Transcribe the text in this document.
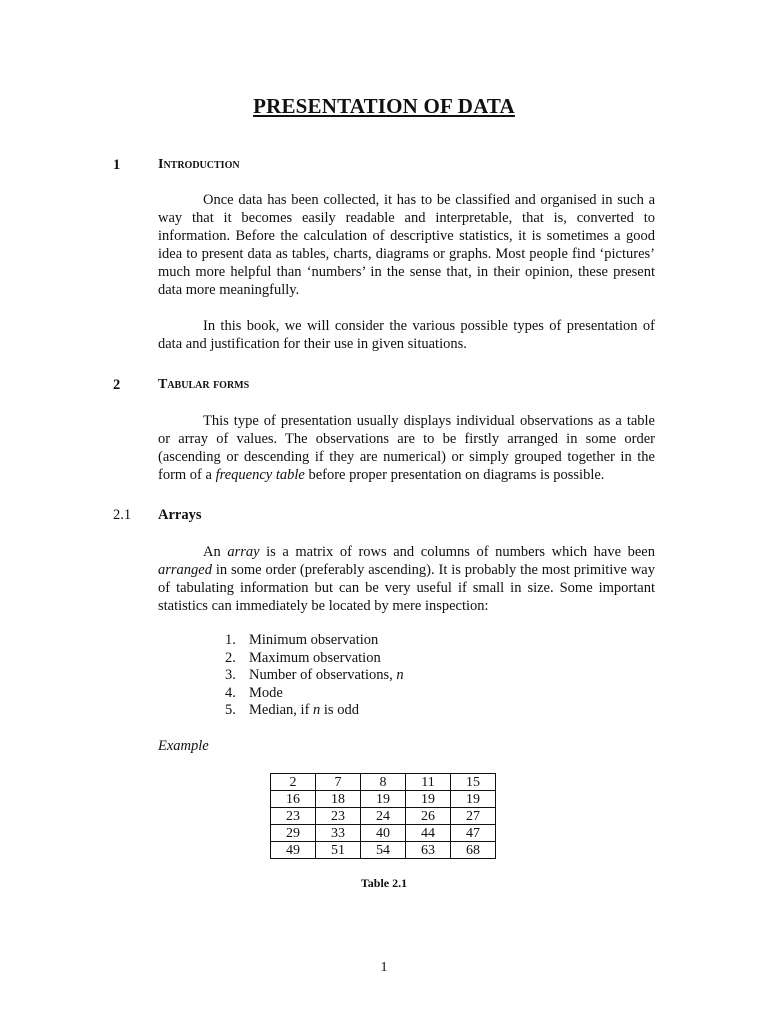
PRESENTATION OF DATA
1	Introduction

Once data has been collected, it has to be classified and organised in such a way that it becomes easily readable and interpretable, that is, converted to information. Before the calculation of descriptive statistics, it is sometimes a good idea to present data as tables, charts, diagrams or graphs. Most people find ‘pictures’ much more helpful than ‘numbers’ in the sense that, in their opinion, these present data more meaningfully.

In this book, we will consider the various possible types of presentation of data and justification for their use in given situations.

2	Tabular forms

This type of presentation usually displays individual observations as a table or array of values. The observations are to be firstly arranged in some order (ascending or descending if they are numerical) or simply grouped together in the form of a frequency table before proper presentation on diagrams is possible.

2.1 Arrays

An array is a matrix of rows and columns of numbers which have been arranged in some order (preferably ascending). It is probably the most primitive way of tabulating information but can be very useful if small in size. Some important statistics can immediately be located by mere inspection:

1. Minimum observation
2. Maximum observation
3. Number of observations, n
4. Mode
5. Median, if n is odd
Example
2	7	8	11	15
16	18	19	19	19
23	23	24	26	27
29	33	40	44	47
49	51	54	63	68
Table 2.1
1
